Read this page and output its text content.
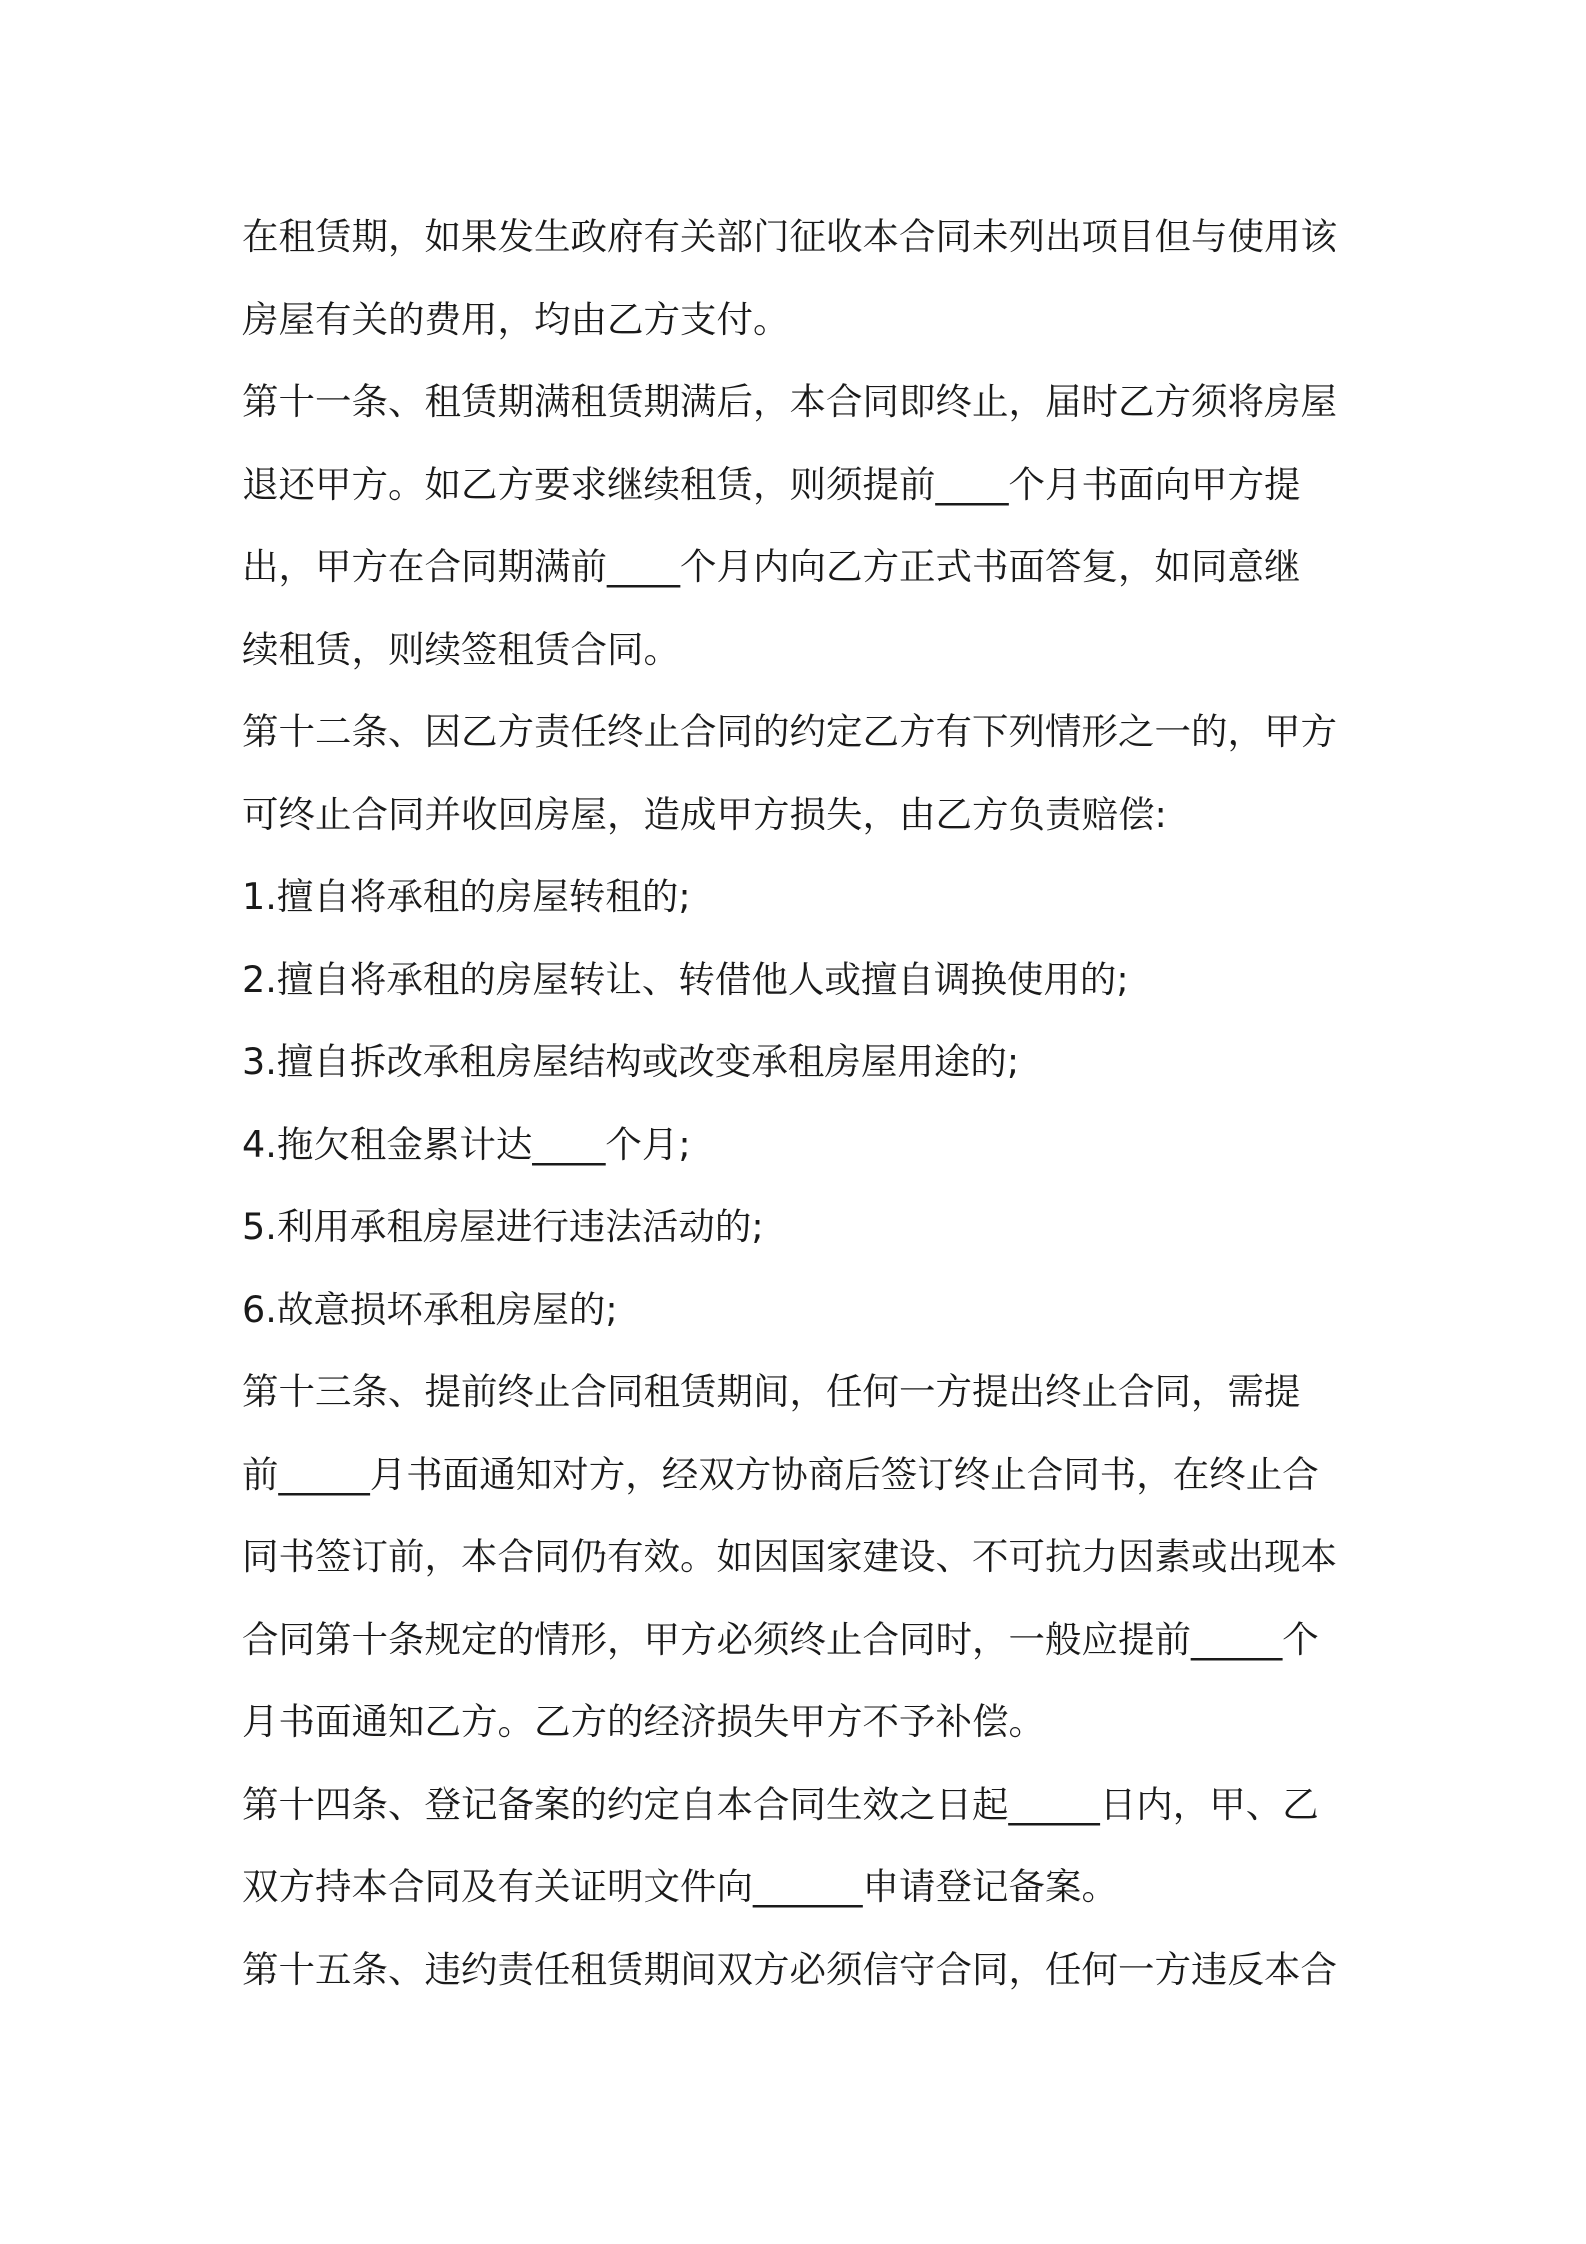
在租赁期，如果发生政府有关部门征收本合同未列出项目但与使用该
房屋有关的费用，均由乙方支付。
第十一条、租赁期满租赁期满后，本合同即终止，届时乙方须将房屋
退还甲方。如乙方要求继续租赁，则须提前____个月书面向甲方提
出，甲方在合同期满前____个月内向乙方正式书面答复，如同意继
续租赁，则续签租赁合同。
第十二条、因乙方责任终止合同的约定乙方有下列情形之一的，甲方
可终止合同并收回房屋，造成甲方损失，由乙方负责赔偿:
1.擅自将承租的房屋转租的;
2.擅自将承租的房屋转让、转借他人或擅自调换使用的;
3.擅自拆改承租房屋结构或改变承租房屋用途的;
4.拖欠租金累计达____个月;
5.利用承租房屋进行违法活动的;
6.故意损坏承租房屋的;
第十三条、提前终止合同租赁期间，任何一方提出终止合同，需提
前_____月书面通知对方，经双方协商后签订终止合同书，在终止合
同书签订前，本合同仍有效。如因国家建设、不可抗力因素或出现本
合同第十条规定的情形，甲方必须终止合同时，一般应提前_____个
月书面通知乙方。乙方的经济损失甲方不予补偿。
第十四条、登记备案的约定自本合同生效之日起_____日内，甲、乙
双方持本合同及有关证明文件向______申请登记备案。
第十五条、违约责任租赁期间双方必须信守合同，任何一方违反本合
